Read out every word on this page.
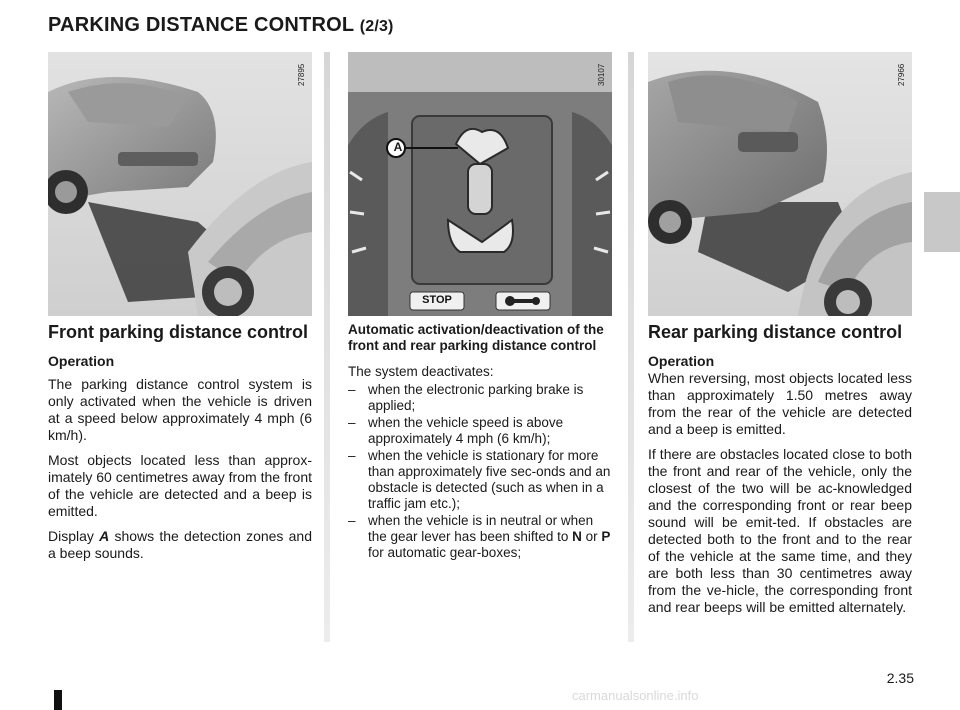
PARKING DISTANCE CONTROL (2/3)
27895
A
STOP
30107	27966
Front parking distance control
Operation

The parking distance control system is only activated when the vehicle is driven at a speed below approximately 4 mph (6 km/h).

Most objects located less than approx-imately 60 centimetres away from the front of the vehicle are detected and a beep is emitted.

Display A shows the detection zones and a beep sounds.

Automatic activation/deactivation of the front and rear parking distance control

The system deactivates:

– when the electronic parking brake is applied;
– when the vehicle speed is above approximately 4 mph (6 km/h);
– when the vehicle is stationary for more than approximately five sec-onds and an obstacle is detected (such as when in a traffic jam etc.);
– when the vehicle is in neutral or when the gear lever has been shifted to N or P for automatic gear-boxes;
Rear parking distance control
Operation

When reversing, most objects located less than approximately 1.50 metres away from the rear of the vehicle are detected and a beep is emitted.

If there are obstacles located close to both the front and rear of the vehicle, only the closest of the two will be ac-knowledged and the corresponding front or rear beep sound will be emit-ted. If obstacles are detected both to the front and to the rear of the vehicle at the same time, and they are both less than 30 centimetres away from the ve-hicle, the corresponding front and rear beeps will be emitted alternately.

2.35
carmanualsonline.info
